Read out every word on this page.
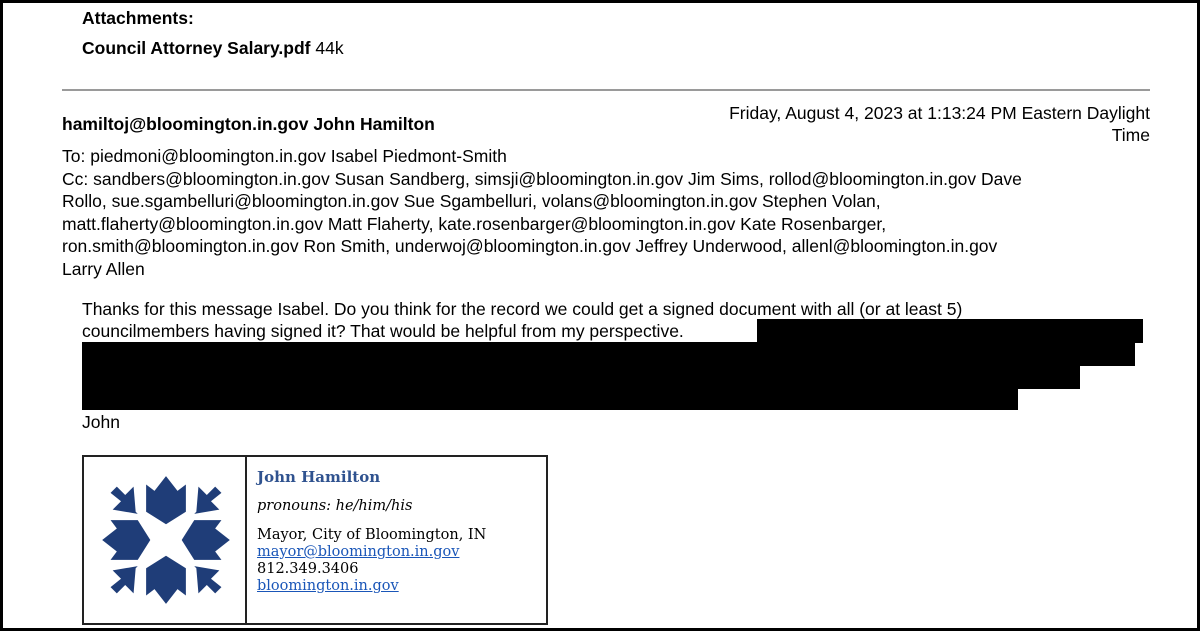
Attachments:
Council Attorney Salary.pdf 44k
hamiltoj@bloomington.in.gov John Hamilton
Friday, August 4, 2023 at 1:13:24 PM Eastern Daylight
Time
To: piedmoni@bloomington.in.gov Isabel Piedmont-Smith
Cc: sandbers@bloomington.in.gov Susan Sandberg, simsji@bloomington.in.gov Jim Sims, rollod@bloomington.in.gov Dave
Rollo, sue.sgambelluri@bloomington.in.gov Sue Sgambelluri, volans@bloomington.in.gov Stephen Volan,
matt.flaherty@bloomington.in.gov Matt Flaherty, kate.rosenbarger@bloomington.in.gov Kate Rosenbarger,
ron.smith@bloomington.in.gov Ron Smith, underwoj@bloomington.in.gov Jeffrey Underwood, allenl@bloomington.in.gov
Larry Allen
Thanks for this message Isabel. Do you think for the record we could get a signed document with all (or at least 5)
councilmembers having signed it? That would be helpful from my perspective.
John
John Hamilton
pronouns: he/him/his
Mayor, City of Bloomington, IN
mayor@bloomington.in.gov
812.349.3406
bloomington.in.gov
